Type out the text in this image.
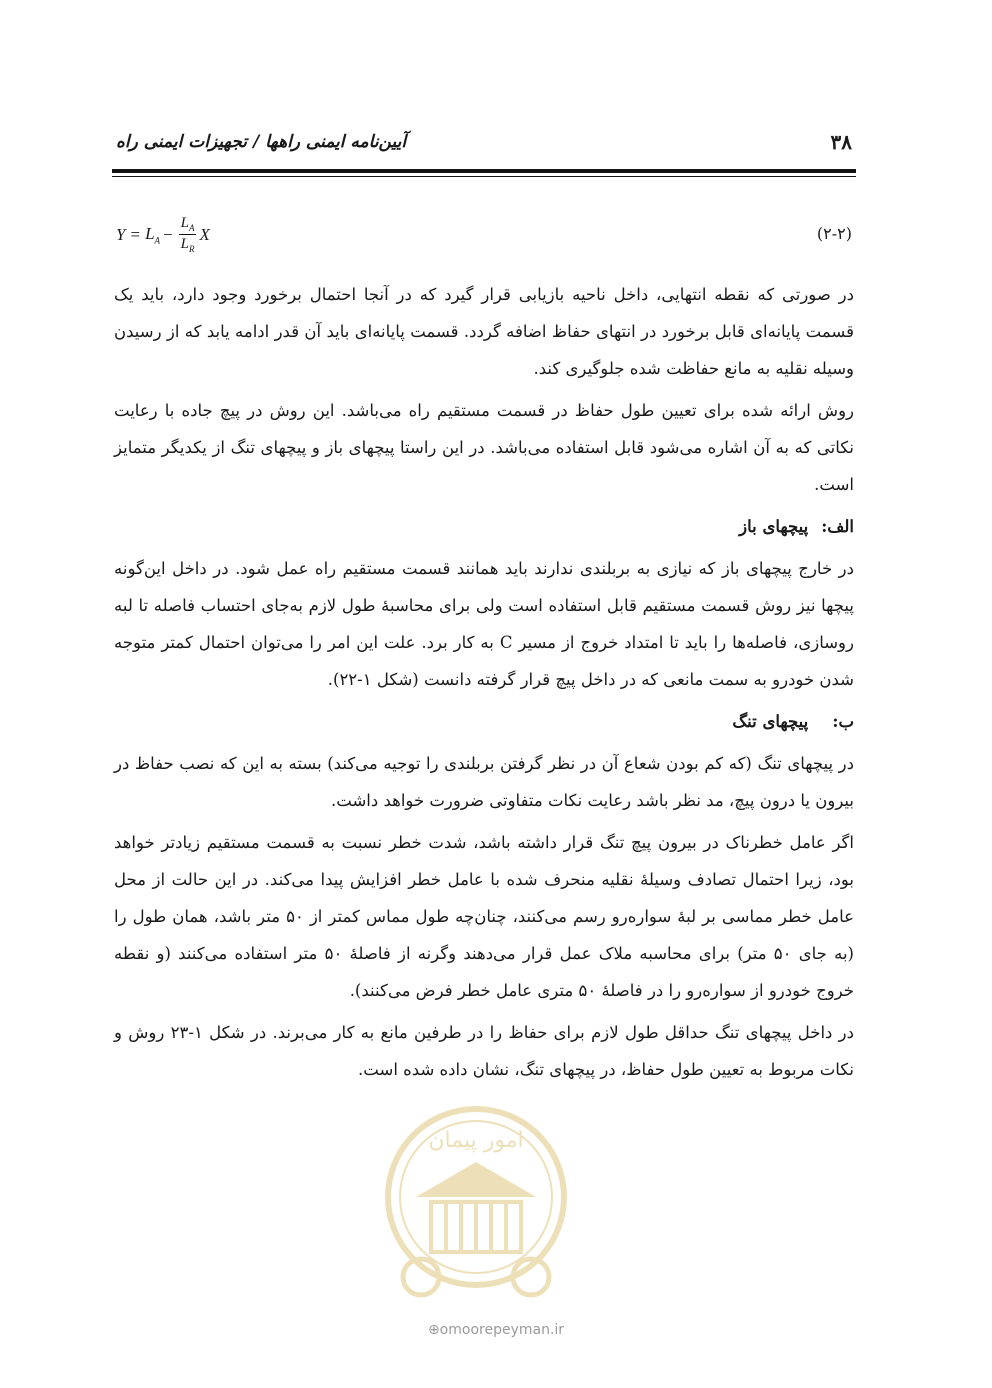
۳۸
آیین‌نامه ایمنی راهها / تجهیزات ایمنی راه
$Y = L_A - \frac{L_A}{L_R}$ X	(۲-۲)

در صورتی که نقطه انتهایی، داخل ناحیه بازیابی قرار گیرد که در آنجا احتمال برخورد وجود دارد، باید یک قسمت پایانه‌ای قابل برخورد در انتهای حفاظ اضافه گردد. قسمت پایانه‌ای باید آن قدر ادامه یابد که از رسیدن وسیله نقلیه به مانع حفاظت شده جلوگیری کند.

روش ارائه شده برای تعیین طول حفاظ در قسمت مستقیم راه می‌باشد. این روش در پیچ جاده با رعایت نکاتی که به آن اشاره می‌شود قابل استفاده می‌باشد. در این راستا پیچهای باز و پیچهای تنگ از یکدیگر متمایز است.

الف: پیچهای باز

در خارج پیچهای باز که نیازی به بربلندی ندارند باید همانند قسمت مستقیم راه عمل شود. در داخل این‌گونه پیچها نیز روش قسمت مستقیم قابل استفاده است ولی برای محاسبهٔ طول لازم به‌جای احتساب فاصله تا لبه روسازی، فاصله‌ها را باید تا امتداد خروج از مسیر C به کار برد. علت این امر را می‌توان احتمال کمتر متوجه شدن خودرو به سمت مانعی که در داخل پیچ قرار گرفته دانست (شکل ۱-۲۲).

ب: پیچهای تنگ

در پیچهای تنگ (که کم بودن شعاع آن در نظر گرفتن بربلندی را توجیه می‌کند) بسته به این که نصب حفاظ در بیرون یا درون پیچ، مد نظر باشد رعایت نکات متفاوتی ضرورت خواهد داشت.

اگر عامل خطرناک در بیرون پیچ تنگ قرار داشته باشد، شدت خطر نسبت به قسمت مستقیم زیادتر خواهد بود، زیرا احتمال تصادف وسیلهٔ نقلیه منحرف شده با عامل خطر افزایش پیدا می‌کند. در این حالت از محل عامل خطر مماسی بر لبهٔ سواره‌رو رسم می‌کنند، چنان‌چه طول مماس کمتر از ۵۰ متر باشد، همان طول را (به جای ۵۰ متر) برای محاسبه ملاک عمل قرار می‌دهند وگرنه از فاصلهٔ ۵۰ متر استفاده می‌کنند (و نقطه خروج خودرو از سواره‌رو را در فاصلهٔ ۵۰ متری عامل خطر فرض می‌کنند).

در داخل پیچهای تنگ حداقل طول لازم برای حفاظ را در طرفین مانع به کار می‌برند. در شکل ۱-۲۳ روش و نکات مربوط به تعیین طول حفاظ، در پیچهای تنگ، نشان داده شده است.

امور پیمان
⊕omoorepeyman.ir
